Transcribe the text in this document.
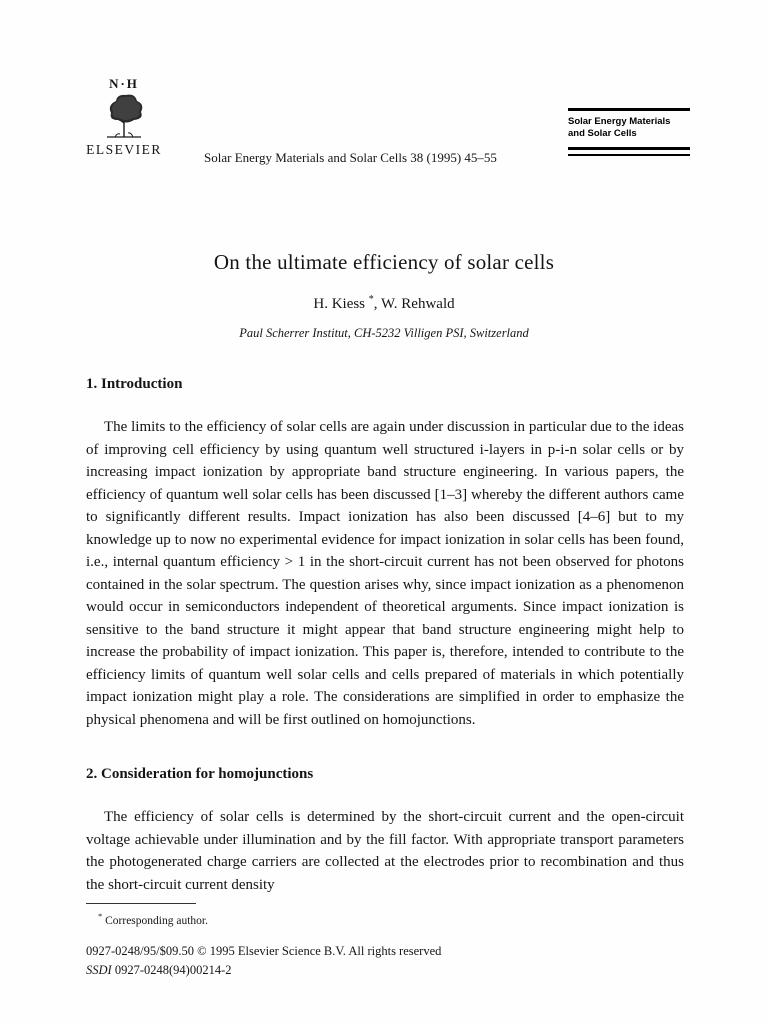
N·H
ELSEVIER
Solar Energy Materials and Solar Cells 38 (1995) 45–55
Solar Energy Materials
and Solar Cells
On the ultimate efficiency of solar cells
H. Kiess *, W. Rehwald
Paul Scherrer Institut, CH-5232 Villigen PSI, Switzerland
1. Introduction

The limits to the efficiency of solar cells are again under discussion in particular due to the ideas of improving cell efficiency by using quantum well structured i-layers in p-i-n solar cells or by increasing impact ionization by appropriate band structure engineering. In various papers, the efficiency of quantum well solar cells has been discussed [1–3] whereby the different authors came to significantly different results. Impact ionization has also been discussed [4–6] but to my knowledge up to now no experimental evidence for impact ionization in solar cells has been found, i.e., internal quantum efficiency > 1 in the short-circuit current has not been observed for photons contained in the solar spectrum. The question arises why, since impact ionization as a phenomenon would occur in semiconductors independent of theoretical arguments. Since impact ionization is sensitive to the band structure it might appear that band structure engineering might help to increase the probability of impact ionization. This paper is, therefore, intended to contribute to the efficiency limits of quantum well solar cells and cells prepared of materials in which potentially impact ionization might play a role. The considerations are simplified in order to emphasize the physical phenomena and will be first outlined on homojunctions.

2. Consideration for homojunctions

The efficiency of solar cells is determined by the short-circuit current and the open-circuit voltage achievable under illumination and by the fill factor. With appropriate transport parameters the photogenerated charge carriers are collected at the electrodes prior to recombination and thus the short-circuit current density

* Corresponding author.
0927-0248/95/$09.50 © 1995 Elsevier Science B.V. All rights reserved
SSDI 0927-0248(94)00214-2
